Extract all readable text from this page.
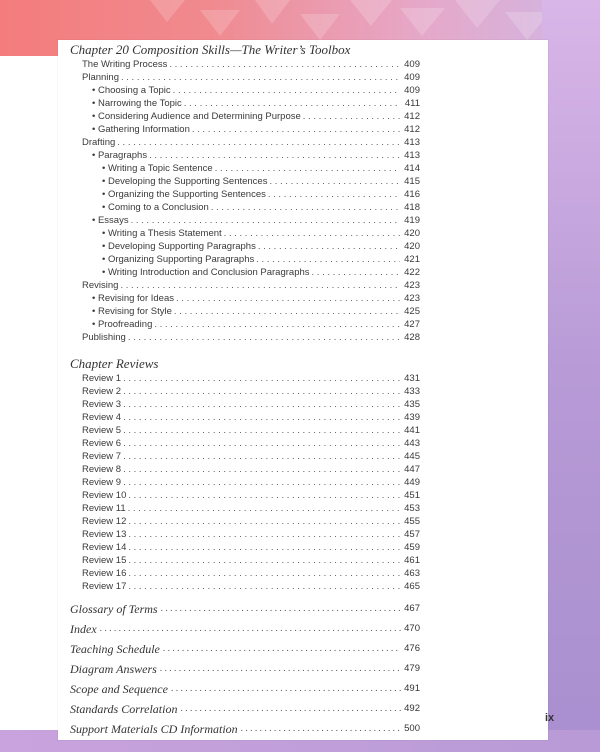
Chapter 20 Composition Skills—The Writer’s Toolbox
The Writing Process . . .	409
Planning . . .	409
• Choosing a Topic . . .	409
• Narrowing the Topic . . .	411
• Considering Audience and Determining Purpose . . .	412
• Gathering Information . . .	412
Drafting . . .	413
• Paragraphs . . .	413
• Writing a Topic Sentence . . .	414
• Developing the Supporting Sentences . . .	415
• Organizing the Supporting Sentences . . .	416
• Coming to a Conclusion . . .	418
• Essays . . .	419
• Writing a Thesis Statement . . .	420
• Developing Supporting Paragraphs . . .	420
• Organizing Supporting Paragraphs . . .	421
• Writing Introduction and Conclusion Paragraphs . . .	422
Revising . . .	423
• Revising for Ideas . . .	423
• Revising for Style . . .	425
• Proofreading . . .	427
Publishing . . .	428
Chapter Reviews
Review 1 . . .	431
Review 2 . . .	433
Review 3 . . .	435
Review 4 . . .	439
Review 5 . . .	441
Review 6 . . .	443
Review 7 . . .	445
Review 8 . . .	447
Review 9 . . .	449
Review 10 . . .	451
Review 11 . . .	453
Review 12 . . .	455
Review 13 . . .	457
Review 14 . . .	459
Review 15 . . .	461
Review 16 . . .	463
Review 17 . . .	465
Glossary of Terms . . .	467
Index . . .	470
Teaching Schedule . . .	476
Diagram Answers . . .	479
Scope and Sequence . . .	491
Standards Correlation . . .	492
Support Materials CD Information . . .	500
ix
